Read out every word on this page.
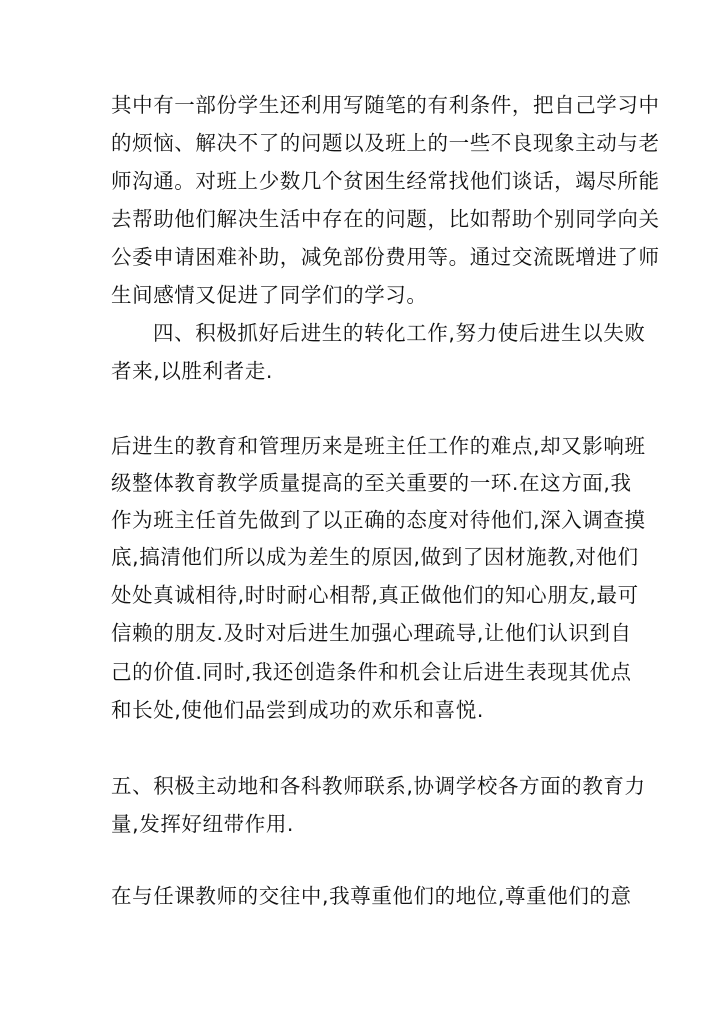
其中有一部份学生还利用写随笔的有利条件，把自己学习中
的烦恼、解决不了的问题以及班上的一些不良现象主动与老
师沟通。对班上少数几个贫困生经常找他们谈话，竭尽所能
去帮助他们解决生活中存在的问题，比如帮助个别同学向关
公委申请困难补助，减免部份费用等。通过交流既增进了师
生间感情又促进了同学们的学习。
四、积极抓好后进生的转化工作,努力使后进生以失败
者来,以胜利者走.
后进生的教育和管理历来是班主任工作的难点,却又影响班
级整体教育教学质量提高的至关重要的一环.在这方面,我
作为班主任首先做到了以正确的态度对待他们,深入调查摸
底,搞清他们所以成为差生的原因,做到了因材施教,对他们
处处真诚相待,时时耐心相帮,真正做他们的知心朋友,最可
信赖的朋友.及时对后进生加强心理疏导,让他们认识到自
己的价值.同时,我还创造条件和机会让后进生表现其优点
和长处,使他们品尝到成功的欢乐和喜悦.
五、积极主动地和各科教师联系,协调学校各方面的教育力
量,发挥好纽带作用.
在与任课教师的交往中,我尊重他们的地位,尊重他们的意
